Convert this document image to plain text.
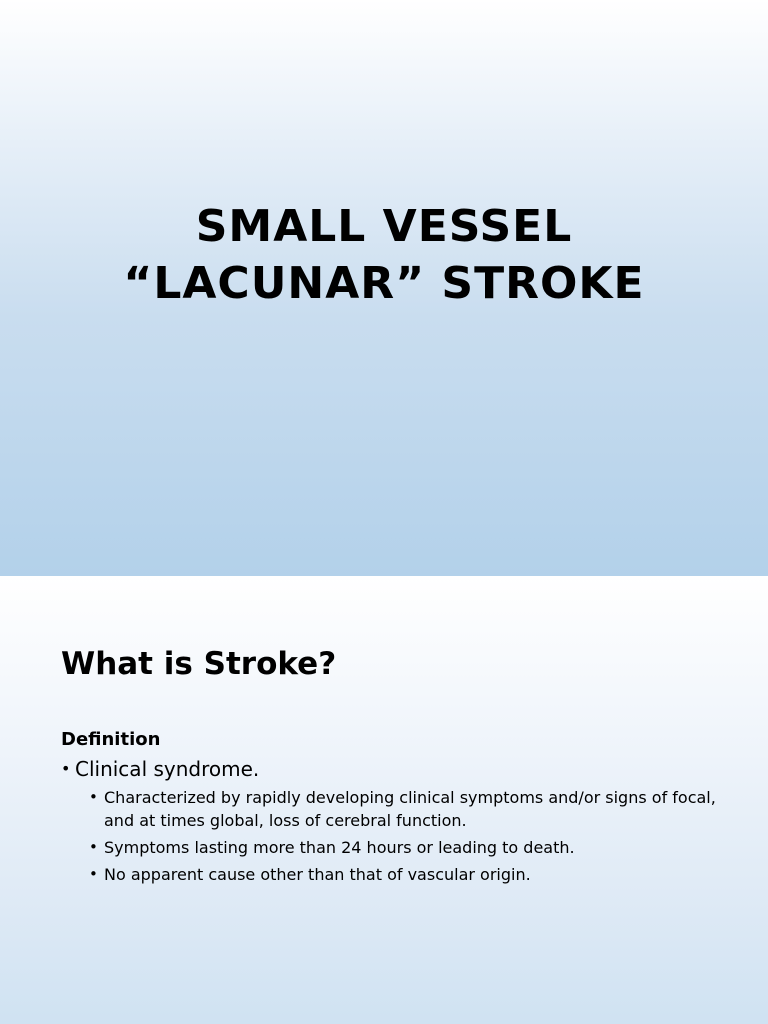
SMALL VESSEL
“LACUNAR” STROKE
What is Stroke?
Definition
• Clinical syndrome.
• Characterized by rapidly developing clinical symptoms and/or signs of focal, and at times global, loss of cerebral function.
• Symptoms lasting more than 24 hours or leading to death.
• No apparent cause other than that of vascular origin.
